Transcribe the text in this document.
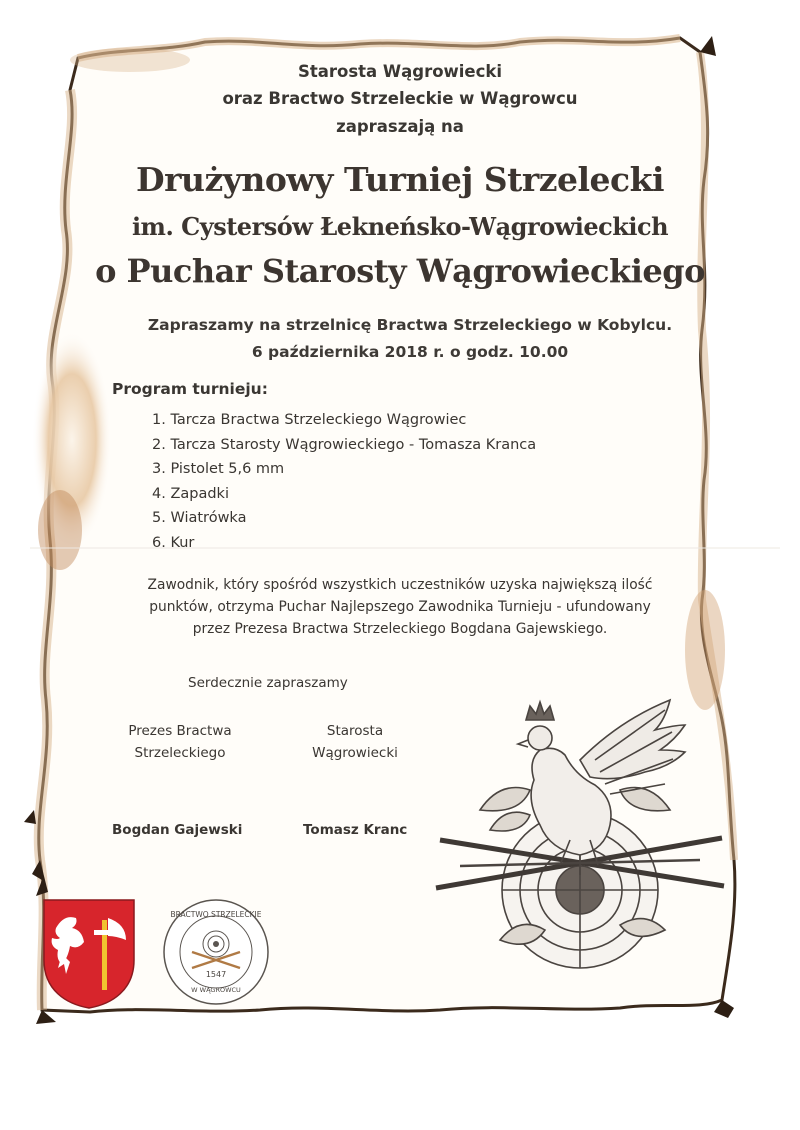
Starosta Wągrowiecki
oraz Bractwo Strzeleckie w Wągrowcu
zapraszają na
Drużynowy Turniej Strzelecki
im. Cystersów Łekneńsko-Wągrowieckich
o Puchar Starosty Wągrowieckiego
Zapraszamy na strzelnicę Bractwa Strzeleckiego w Kobylcu.
6 października 2018 r. o godz. 10.00
Program turnieju:
1. Tarcza Bractwa Strzeleckiego Wągrowiec
2. Tarcza Starosty Wągrowieckiego - Tomasza Kranca
3. Pistolet 5,6 mm
4. Zapadki
5. Wiatrówka
6. Kur
Zawodnik, który spośród wszystkich uczestników uzyska największą ilość
punktów, otrzyma Puchar Najlepszego Zawodnika Turnieju - ufundowany
przez Prezesa Bractwa Strzeleckiego Bogdana Gajewskiego.
Serdecznie zapraszamy
Prezes Bractwa
Strzeleckiego
Starosta
Wągrowiecki
Bogdan Gajewski	Tomasz Kranc
BRACTWO STRZELECKIE
1547
W WĄGROWCU
